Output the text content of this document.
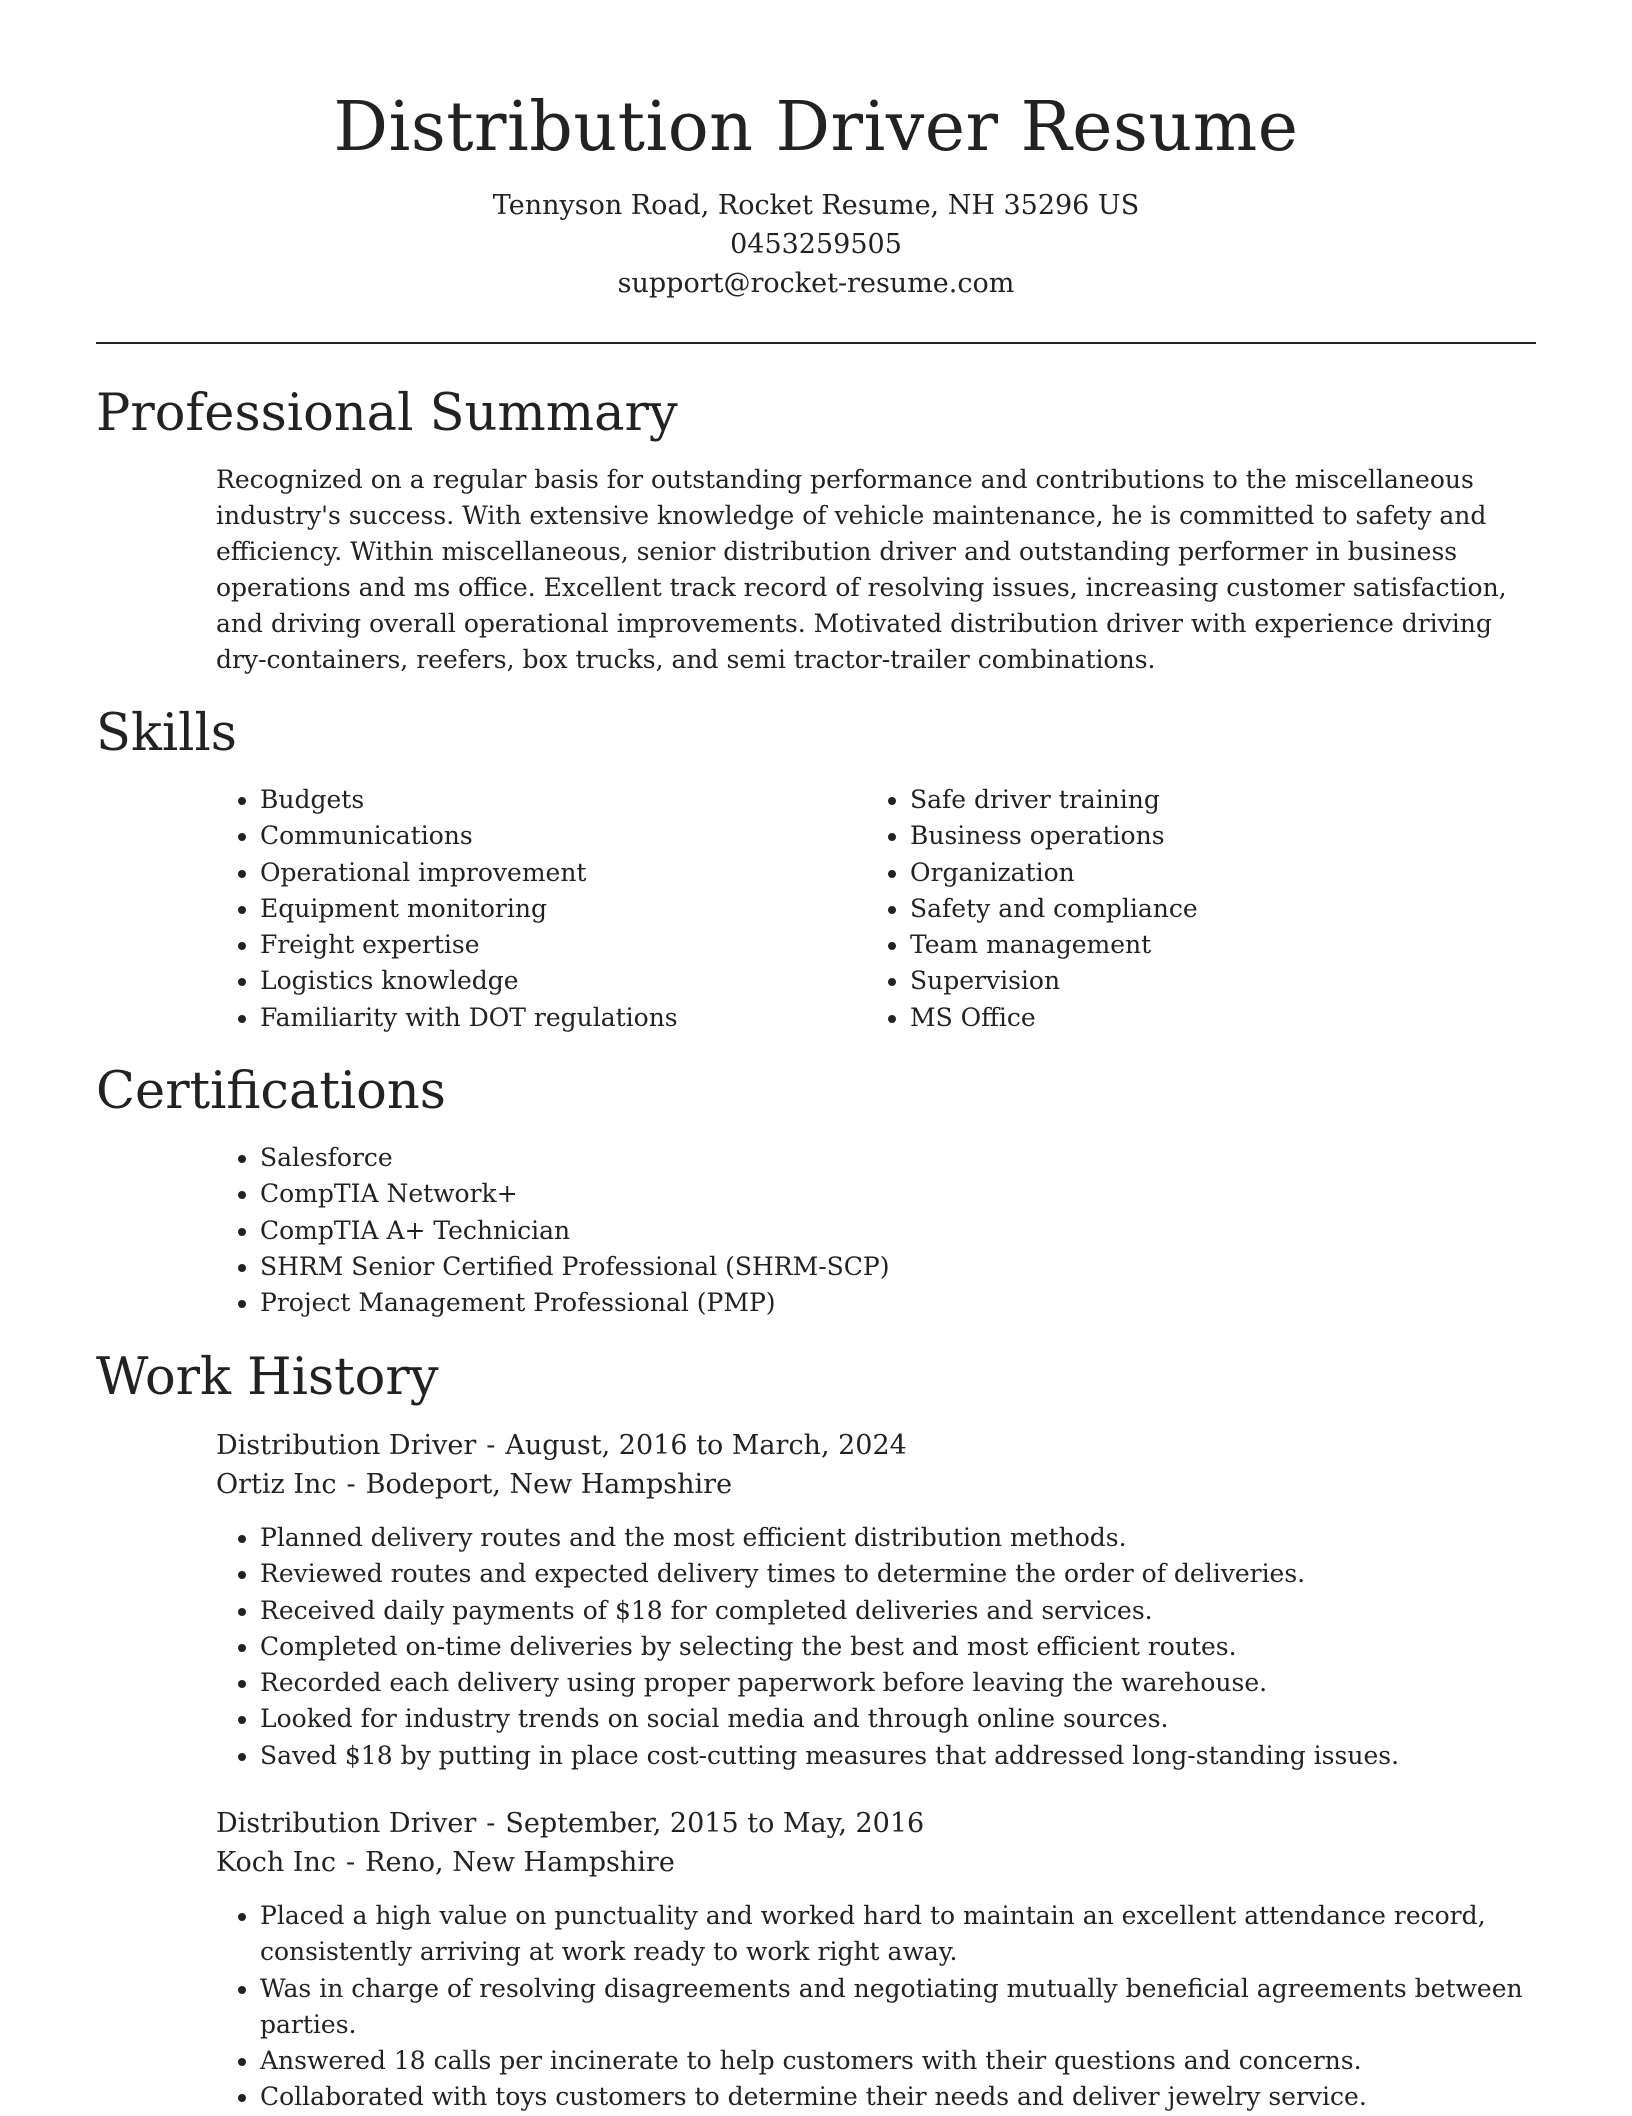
Distribution Driver Resume
Tennyson Road, Rocket Resume, NH 35296 US
0453259505
support@rocket-resume.com
Professional Summary

Recognized on a regular basis for outstanding performance and contributions to the miscellaneous industry's success. With extensive knowledge of vehicle maintenance, he is committed to safety and efficiency. Within miscellaneous, senior distribution driver and outstanding performer in business operations and ms office. Excellent track record of resolving issues, increasing customer satisfaction, and driving overall operational improvements. Motivated distribution driver with experience driving dry-containers, reefers, box trucks, and semi tractor-trailer combinations.

Skills
• Budgets
• Communications
• Operational improvement
• Equipment monitoring
• Freight expertise
• Logistics knowledge
• Familiarity with DOT regulations
• Safe driver training
• Business operations
• Organization
• Safety and compliance
• Team management
• Supervision
• MS Office
Certifications
• Salesforce
• CompTIA Network+
• CompTIA A+ Technician
• SHRM Senior Certified Professional (SHRM-SCP)
• Project Management Professional (PMP)
Work History
Distribution Driver - August, 2016 to March, 2024
Ortiz Inc - Bodeport, New Hampshire
• Planned delivery routes and the most efficient distribution methods.
• Reviewed routes and expected delivery times to determine the order of deliveries.
• Received daily payments of $18 for completed deliveries and services.
• Completed on-time deliveries by selecting the best and most efficient routes.
• Recorded each delivery using proper paperwork before leaving the warehouse.
• Looked for industry trends on social media and through online sources.
• Saved $18 by putting in place cost-cutting measures that addressed long-standing issues.
Distribution Driver - September, 2015 to May, 2016
Koch Inc - Reno, New Hampshire
• Placed a high value on punctuality and worked hard to maintain an excellent attendance record, consistently arriving at work ready to work right away.
• Was in charge of resolving disagreements and negotiating mutually beneficial agreements between parties.
• Answered 18 calls per incinerate to help customers with their questions and concerns.
• Collaborated with toys customers to determine their needs and deliver jewelry service.
